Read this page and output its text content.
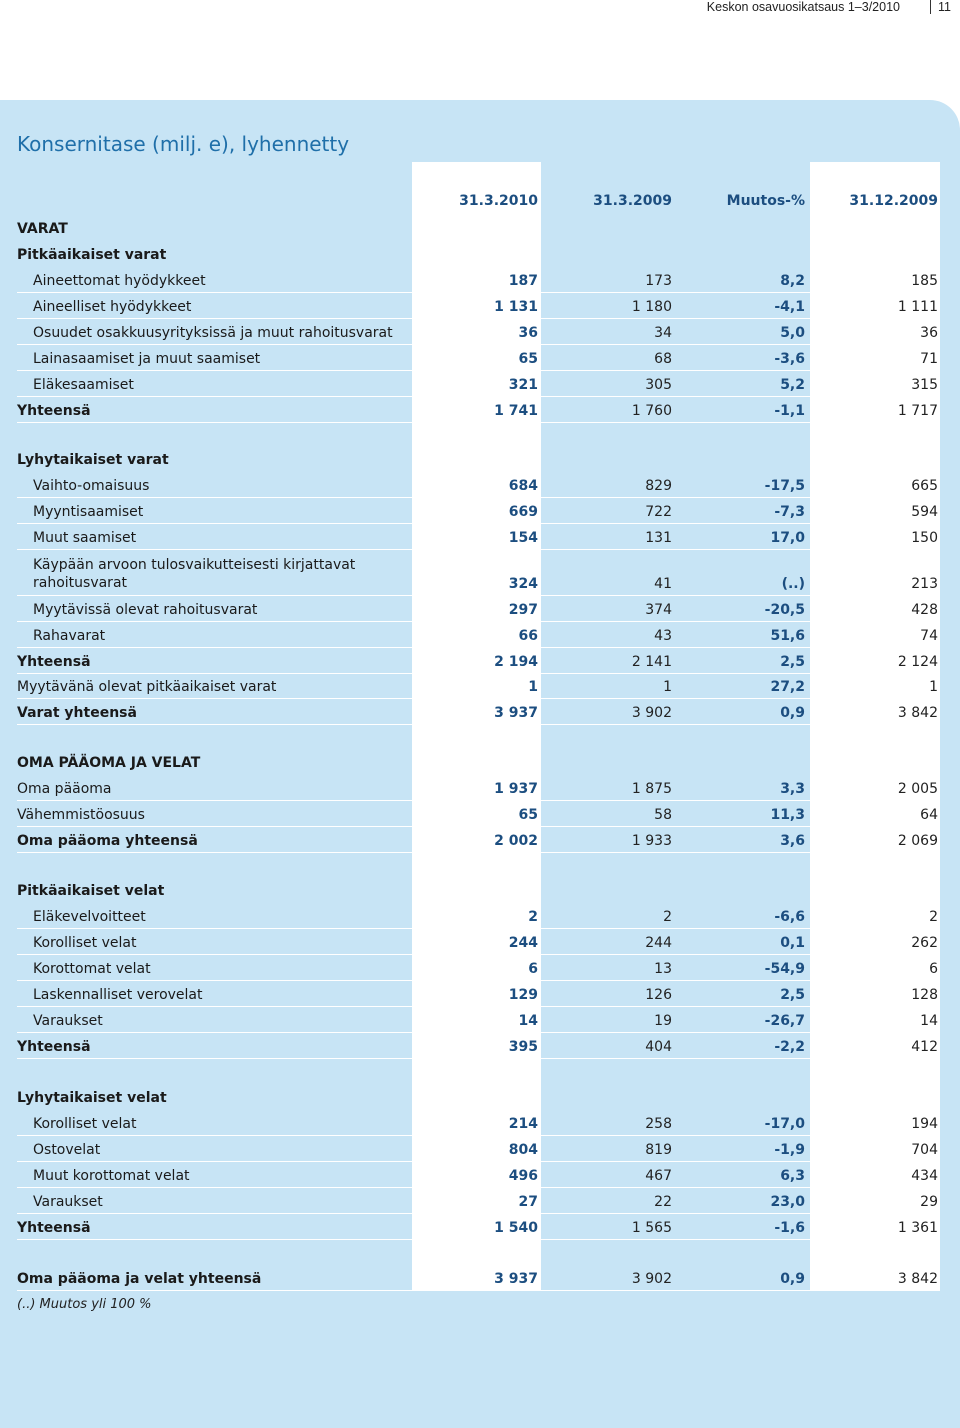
Keskon osavuosikatsaus 1–3/2010	11
Konsernitase (milj. e), lyhennetty
31.3.2010	31.3.2009	Muutos-%	31.12.2009
VARAT
Pitkäaikaiset varat
Aineettomat hyödykkeet	187	173	8,2	185
Aineelliset hyödykkeet	1 131	1 180	-4,1	1 111
Osuudet osakkuusyrityksissä ja muut rahoitusvarat	36	34	5,0	36
Lainasaamiset ja muut saamiset	65	68	-3,6	71
Eläkesaamiset	321	305	5,2	315
Yhteensä	1 741	1 760	-1,1	1 717
Lyhytaikaiset varat
Vaihto-omaisuus	684	829	-17,5	665
Myyntisaamiset	669	722	-7,3	594
Muut saamiset	154	131	17,0	150
Käypään arvoon tulosvaikutteisesti kirjattavat
rahoitusvarat	324	41	(..)	213
Myytävissä olevat rahoitusvarat	297	374	-20,5	428
Rahavarat	66	43	51,6	74
Yhteensä	2 194	2 141	2,5	2 124
Myytävänä olevat pitkäaikaiset varat	1	1	27,2	1
Varat yhteensä	3 937	3 902	0,9	3 842
OMA PÄÄOMA JA VELAT
Oma pääoma	1 937	1 875	3,3	2 005
Vähemmistöosuus	65	58	11,3	64
Oma pääoma yhteensä	2 002	1 933	3,6	2 069
Pitkäaikaiset velat
Eläkevelvoitteet	2	2	-6,6	2
Korolliset velat	244	244	0,1	262
Korottomat velat	6	13	-54,9	6
Laskennalliset verovelat	129	126	2,5	128
Varaukset	14	19	-26,7	14
Yhteensä	395	404	-2,2	412
Lyhytaikaiset velat
Korolliset velat	214	258	-17,0	194
Ostovelat	804	819	-1,9	704
Muut korottomat velat	496	467	6,3	434
Varaukset	27	22	23,0	29
Yhteensä	1 540	1 565	-1,6	1 361
Oma pääoma ja velat yhteensä	3 937	3 902	0,9	3 842
(..) Muutos yli 100 %
